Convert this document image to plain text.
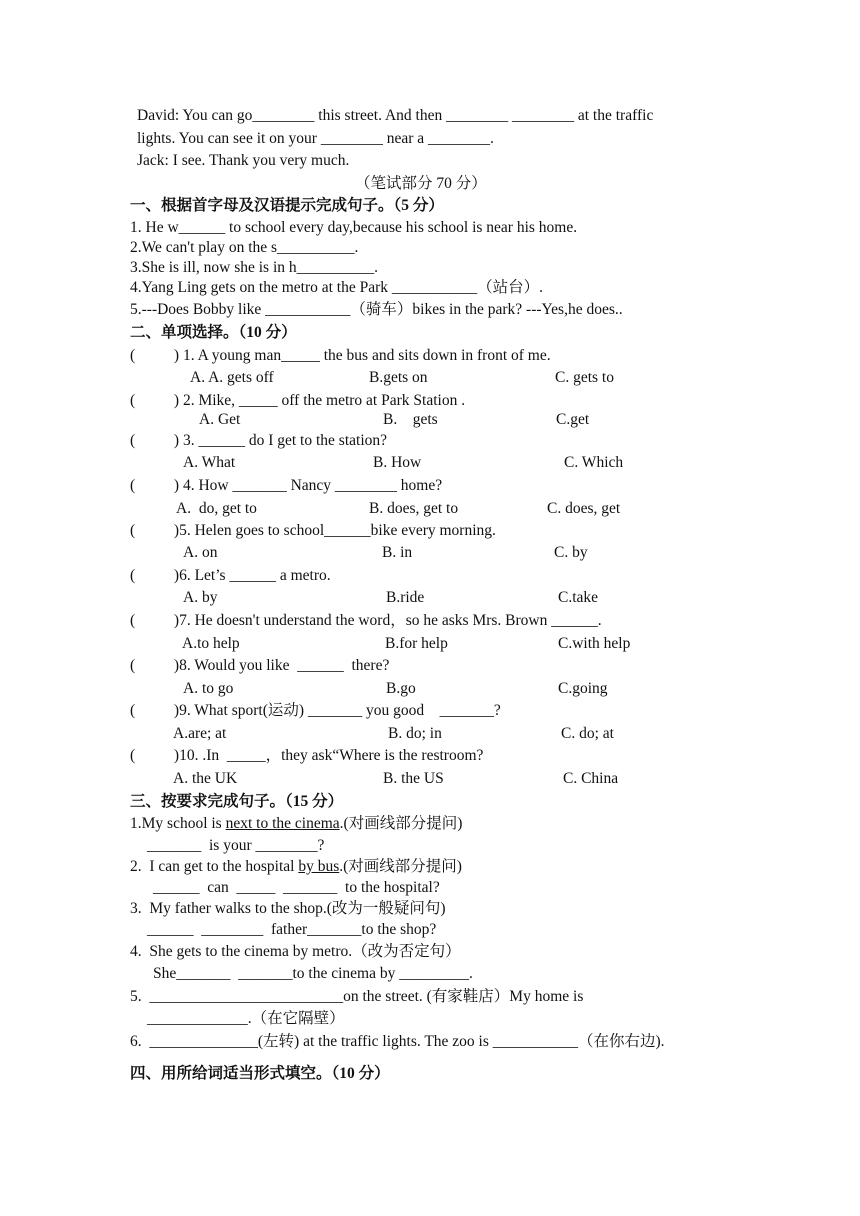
David: You can go________ this street. And then ________ ________ at the traffic
lights. You can see it on your ________ near a ________.
Jack: I see. Thank you very much.
（笔试部分 70 分）
一、根据首字母及汉语提示完成句子。（5 分）
1. He w______ to school every day,because his school is near his home.
2.We can't play on the s__________.
3.She is ill, now she is in h__________.
4.Yang Ling gets on the metro at the Park ___________（站台）.
5.---Does Bobby like ___________（骑车）bikes in the park? ---Yes,he does..
二、单项选择。（10 分）
(          ) 1. A young man_____ the bus and sits down in front of me.
A. A. gets off	B.gets on	C. gets to
(          ) 2. Mike, _____ off the metro at Park Station .
A. Get	B.    gets	C.get
(          ) 3. ______ do I get to the station?
A. What	B. How	C. Which
(          ) 4. How _______ Nancy ________ home?
A.  do, get to	B. does, get to	C. does, get
(          )5. Helen goes to school______bike every morning.
A. on	B. in	C. by
(          )6. Let’s ______ a metro.
A. by	B.ride	C.take
(          )7. He doesn't understand the word，so he asks Mrs. Brown ______.
A.to help	B.for help	C.with help
(          )8. Would you like  ______  there?
A. to go	B.go	C.going
(          )9. What sport(运动) _______ you good    _______?
A.are; at	B. do; in	C. do; at
(          )10. .In  _____，they ask“Where is the restroom?
A. the UK	B. the US	C. China
三、按要求完成句子。（15 分）
1.My school is next to the cinema.(对画线部分提问)
_______  is your ________?
2.  I can get to the hospital by bus.(对画线部分提问)
______  can  _____  _______  to the hospital?
3.  My father walks to the shop.(改为一般疑问句)
______  ________  father_______to the shop?
4.  She gets to the cinema by metro.（改为否定句）
She_______  _______to the cinema by _________.
5.  _________________________on the street. (有家鞋店）My home is
_____________.（在它隔壁）
6.  ______________(左转) at the traffic lights. The zoo is ___________（在你右边).
四、用所给词适当形式填空。（10 分）
